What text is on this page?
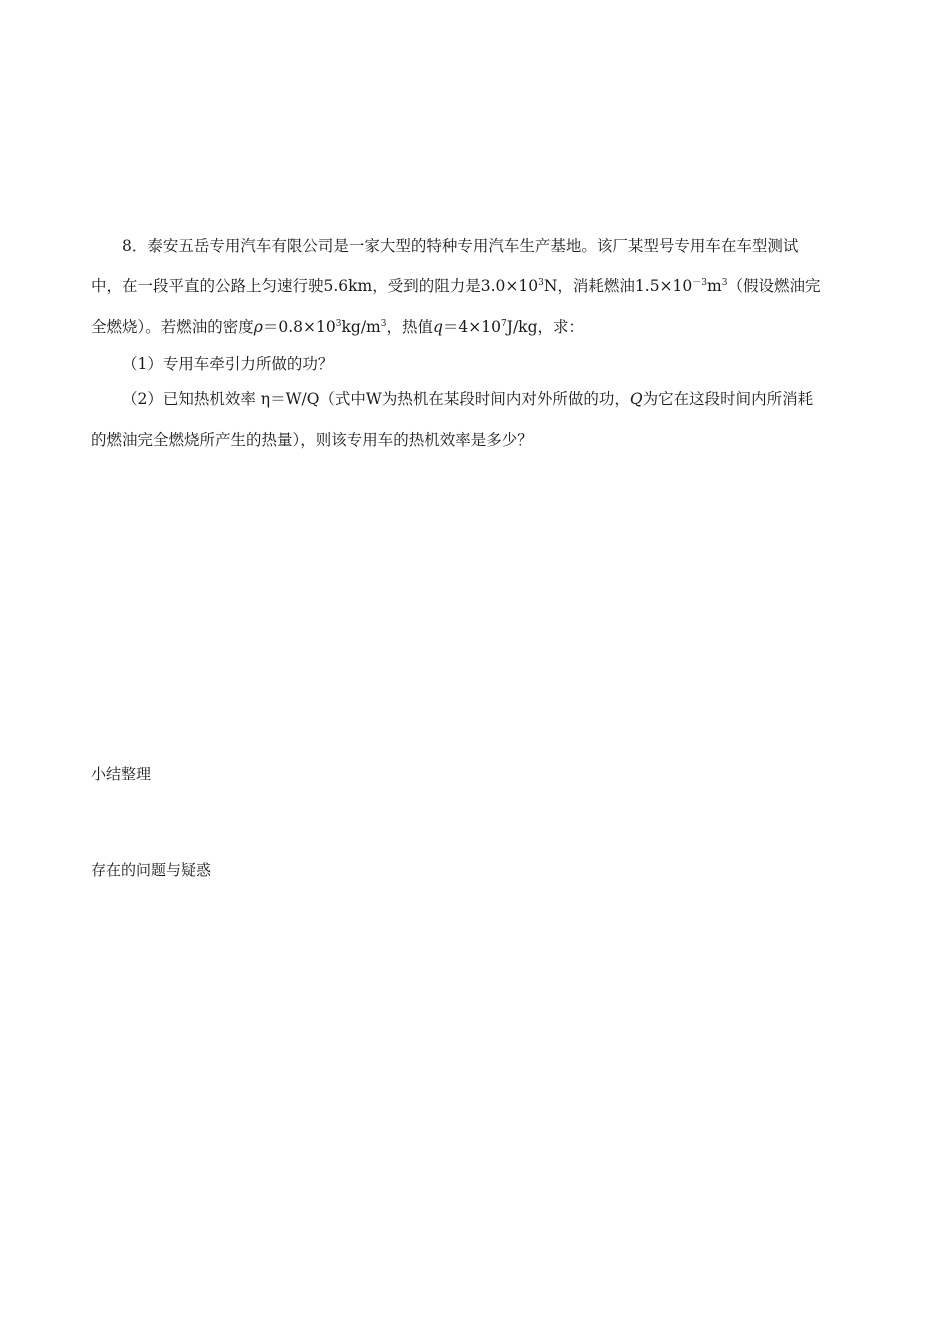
8．泰安五岳专用汽车有限公司是一家大型的特种专用汽车生产基地。该厂某型号专用车在车型测试
中，在一段平直的公路上匀速行驶5.6km，受到的阻力是$3.0\times 10^3N$，消耗燃油$1.5\times 10^{-3}m^3$（假设燃油完
全燃烧）。若燃油的密度$\rho=0.8\times 10^3kg/m^3$，热值$q=4\times 10^7J/kg$，求：
（1）专用车牵引力所做的功？
（2）已知热机效率 η＝W/Q（式中W为热机在某段时间内对外所做的功，Q为它在这段时间内所消耗
的燃油完全燃烧所产生的热量），则该专用车的热机效率是多少？
小结整理
存在的问题与疑惑
